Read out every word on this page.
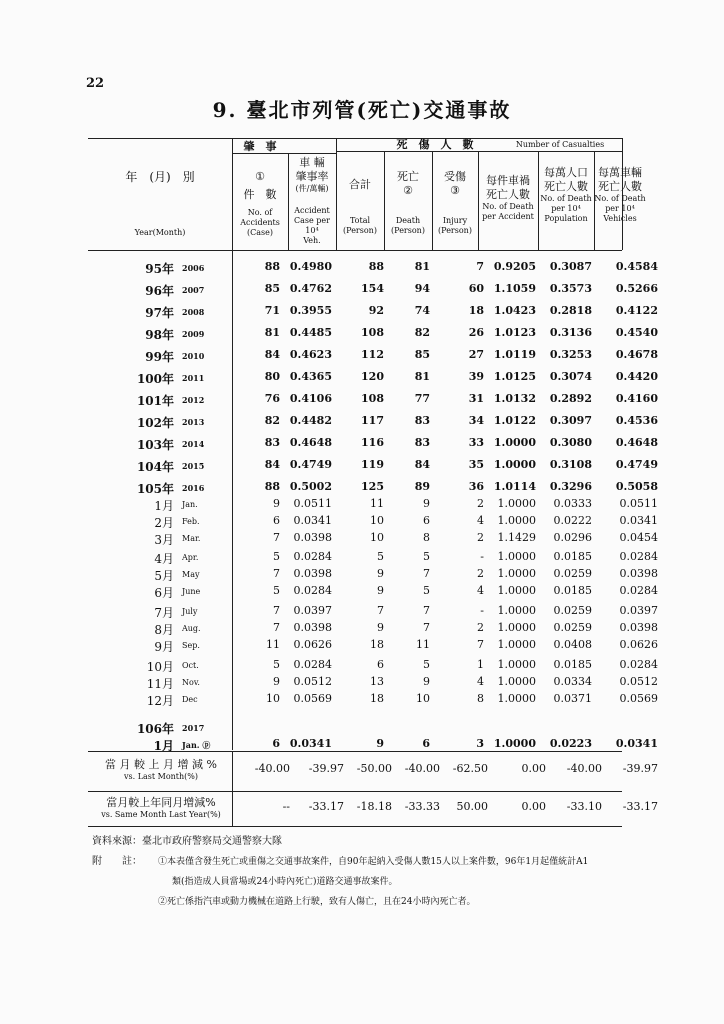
22
9. 臺北市列管(死亡)交通事故
肇　事	死　傷　人　數	Number of Casualties
年　(月)　別
Year(Month)
①
件　數
No. of
Accidents
(Case)
車 輛
肇事率
(件/萬輛)
Accident
Case per 10⁴
Veh.
合計
Total
(Person)
死亡
②
Death
(Person)
受傷
③
Injury
(Person)
每件車禍
死亡人數
No. of Death
per Accident
每萬人口
死亡人數
No. of Death
per 10⁴
Population
每萬車輛
死亡人數
No. of Death
per 10⁴
Vehicles
95年 2006	88 0.4980	88	81	7 0.9205	0.3087	0.4584
96年 2007	85 0.4762	154	94	60 1.1059	0.3573	0.5266
97年 2008	71 0.3955	92	74	18 1.0423	0.2818	0.4122
98年 2009	81 0.4485	108	82	26 1.0123	0.3136	0.4540
99年 2010	84 0.4623	112	85	27 1.0119	0.3253	0.4678
100年 2011	80 0.4365	120	81	39 1.0125	0.3074	0.4420
101年 2012	76 0.4106	108	77	31 1.0132	0.2892	0.4160
102年 2013	82 0.4482	117	83	34 1.0122	0.3097	0.4536
103年 2014	83 0.4648	116	83	33 1.0000	0.3080	0.4648
104年 2015	84 0.4749	119	84	35 1.0000	0.3108	0.4749
105年 2016	88 0.5002	125	89	36 1.0114	0.3296	0.5058
1月 Jan.	9	0.0511	11	9	2	1.0000	0.0333	0.0511
2月 Feb.	6	0.0341	10	6	4	1.0000	0.0222	0.0341
3月 Mar.	7	0.0398	10	8	2	1.1429	0.0296	0.0454
4月 Apr.	5	0.0284	5	5	-	1.0000	0.0185	0.0284
5月 May	7	0.0398	9	7	2	1.0000	0.0259	0.0398
6月 June	5	0.0284	9	5	4	1.0000	0.0185	0.0284
7月 July	7	0.0397	7	7	-	1.0000	0.0259	0.0397
8月 Aug.	7	0.0398	9	7	2	1.0000	0.0259	0.0398
9月 Sep.	11	0.0626	18	11	7	1.0000	0.0408	0.0626
10月 Oct.	5	0.0284	6	5	1	1.0000	0.0185	0.0284
11月 Nov.	9	0.0512	13	9	4	1.0000	0.0334	0.0512
12月 Dec	10	0.0569	18	10	8	1.0000	0.0371	0.0569
106年 2017
1月 Jan. ⓟ	6 0.0341	9	6	3 1.0000	0.0223	0.0341
當 月 較 上 月 增 減 %
vs. Last Month(%)
-40.00	-39.97	-50.00	-40.00	-62.50	0.00	-40.00	-39.97
當月較上年同月增減%
vs. Same Month Last Year(%)
--	-33.17	-18.18	-33.33	50.00	0.00	-33.10	-33.17
資料來源：臺北市政府警察局交通警察大隊
附　　註： ①本表僅含發生死亡或重傷之交通事故案件，自90年起納入受傷人數15人以上案件數，96年1月起僅統計A1
類(指造成人員當場或24小時內死亡)道路交通事故案件。
②死亡係指汽車或動力機械在道路上行駛，致有人傷亡，且在24小時內死亡者。
